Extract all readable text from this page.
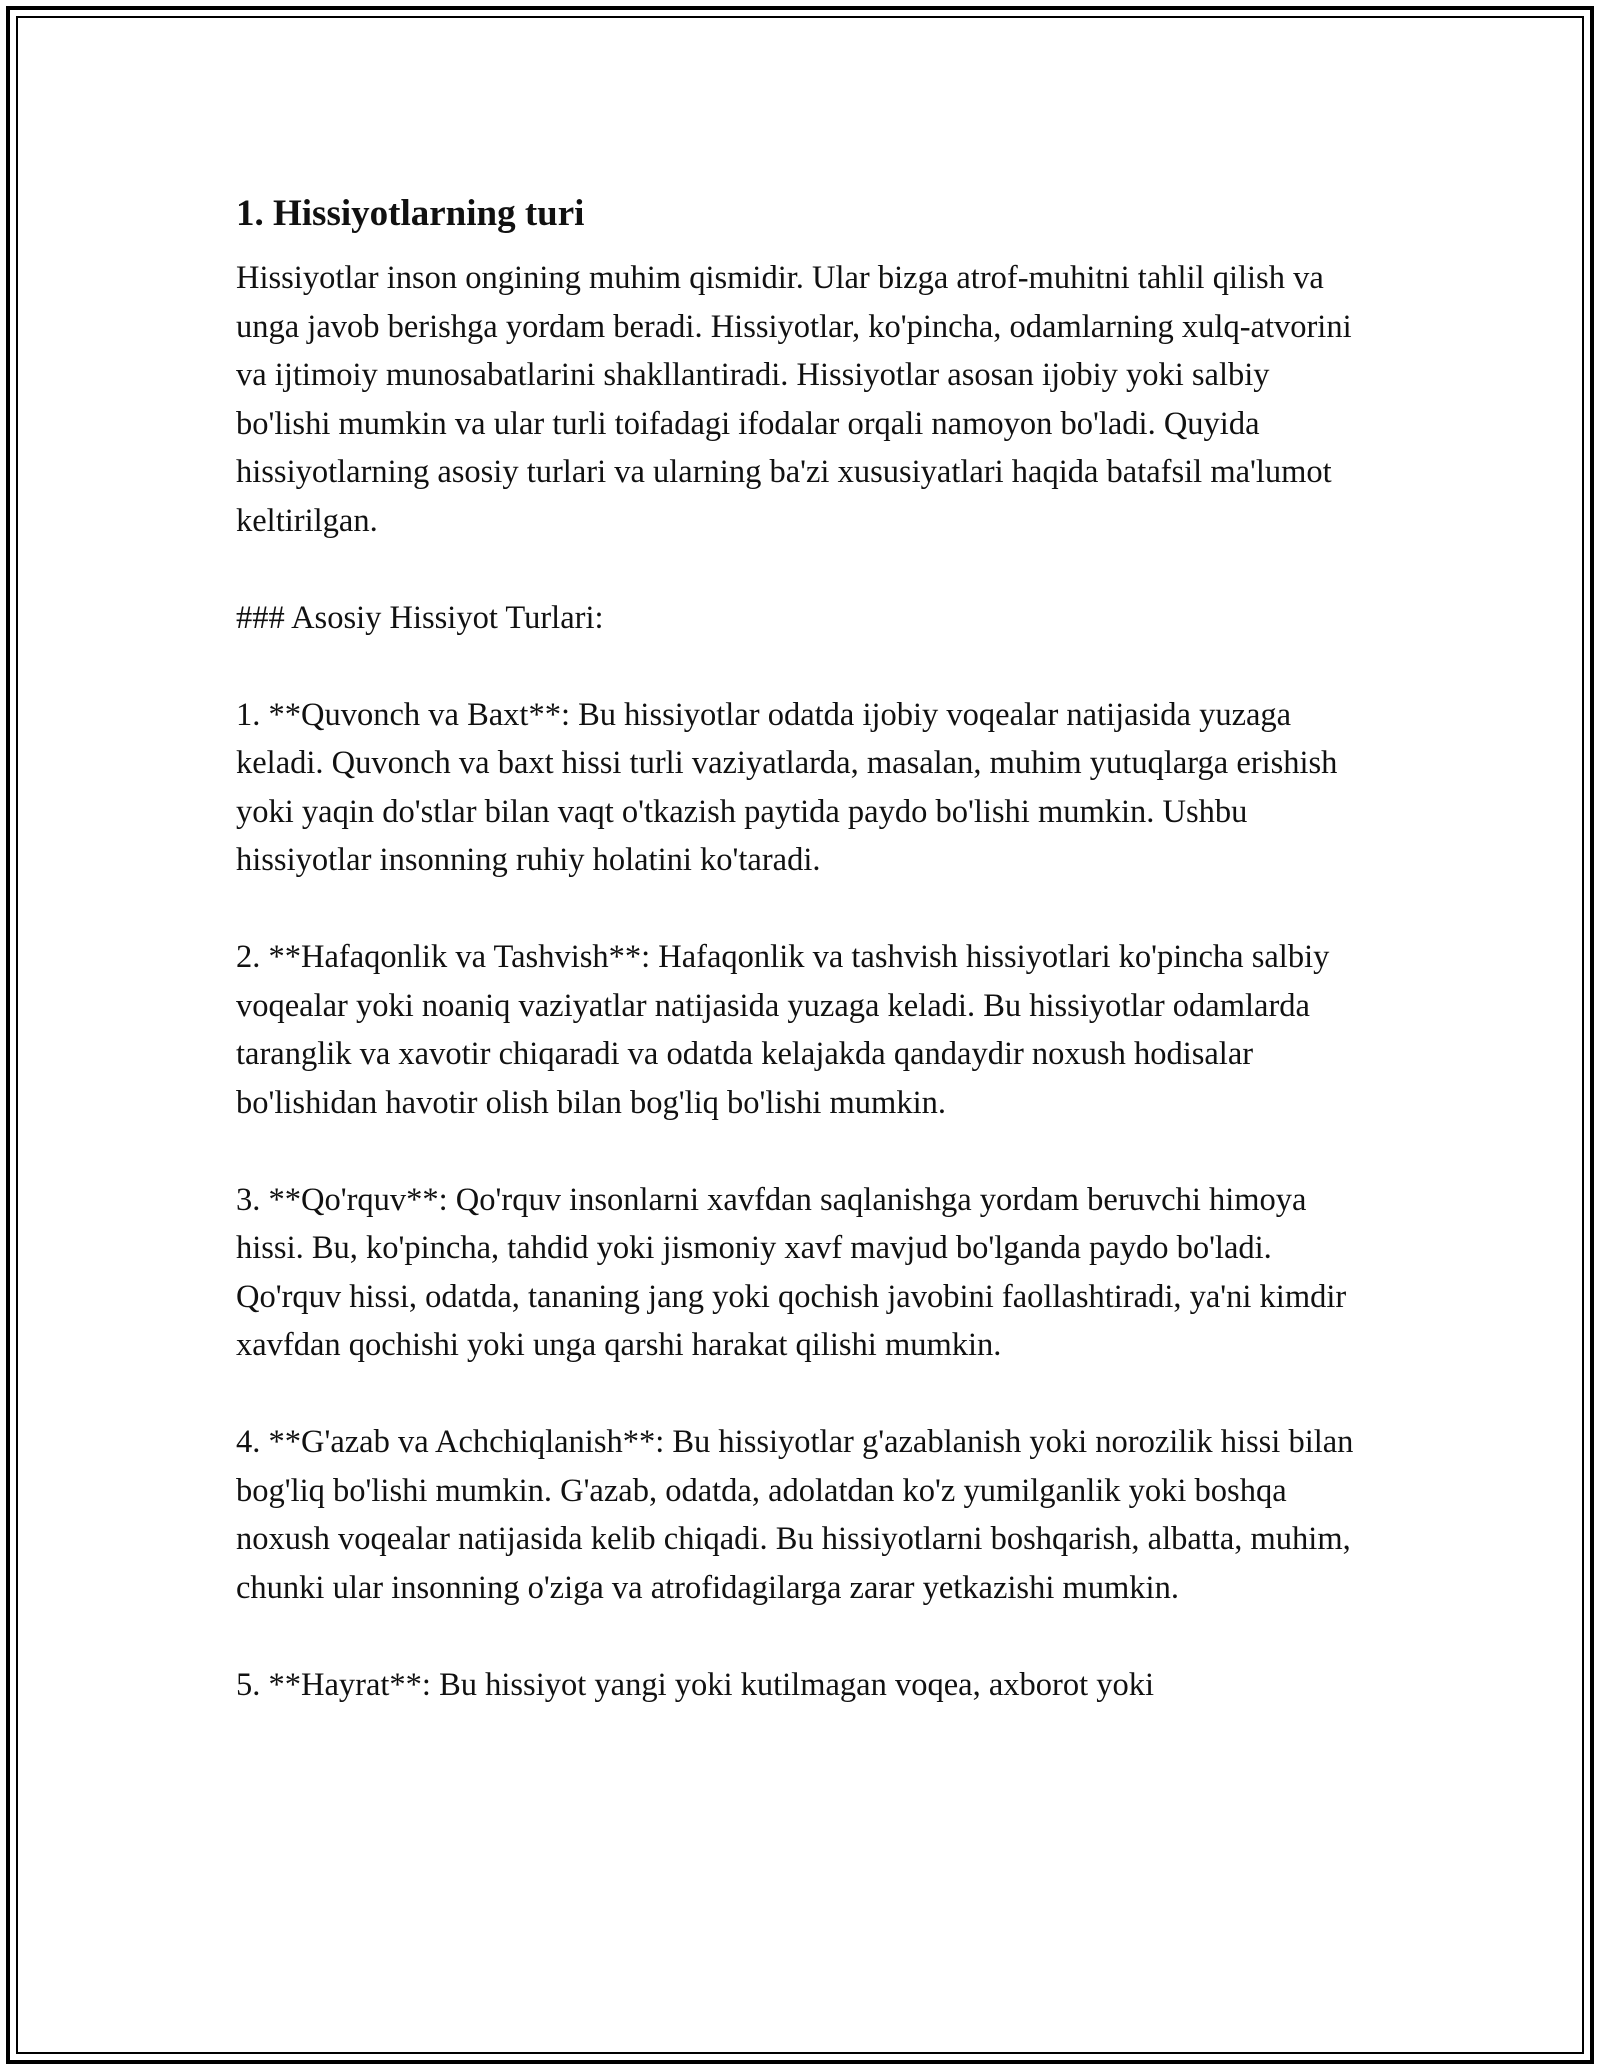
1. Hissiyotlarning turi

Hissiyotlar inson ongining muhim qismidir. Ular bizga atrof-muhitni tahlil qilish va unga javob berishga yordam beradi. Hissiyotlar, ko'pincha, odamlarning xulq-atvorini va ijtimoiy munosabatlarini shakllantiradi. Hissiyotlar asosan ijobiy yoki salbiy bo'lishi mumkin va ular turli toifadagi ifodalar orqali namoyon bo'ladi. Quyida hissiyotlarning asosiy turlari va ularning ba'zi xususiyatlari haqida batafsil ma'lumot keltirilgan.

### Asosiy Hissiyot Turlari:

1. **Quvonch va Baxt**: Bu hissiyotlar odatda ijobiy voqealar natijasida yuzaga keladi. Quvonch va baxt hissi turli vaziyatlarda, masalan, muhim yutuqlarga erishish yoki yaqin do'stlar bilan vaqt o'tkazish paytida paydo bo'lishi mumkin. Ushbu hissiyotlar insonning ruhiy holatini ko'taradi.

2. **Hafaqonlik va Tashvish**: Hafaqonlik va tashvish hissiyotlari ko'pincha salbiy voqealar yoki noaniq vaziyatlar natijasida yuzaga keladi. Bu hissiyotlar odamlarda taranglik va xavotir chiqaradi va odatda kelajakda qandaydir noxush hodisalar bo'lishidan havotir olish bilan bog'liq bo'lishi mumkin.

3. **Qo'rquv**: Qo'rquv insonlarni xavfdan saqlanishga yordam beruvchi himoya hissi. Bu, ko'pincha, tahdid yoki jismoniy xavf mavjud bo'lganda paydo bo'ladi. Qo'rquv hissi, odatda, tananing jang yoki qochish javobini faollashtiradi, ya'ni kimdir xavfdan qochishi yoki unga qarshi harakat qilishi mumkin.

4. **G'azab va Achchiqlanish**: Bu hissiyotlar g'azablanish yoki norozilik hissi bilan bog'liq bo'lishi mumkin. G'azab, odatda, adolatdan ko'z yumilganlik yoki boshqa noxush voqealar natijasida kelib chiqadi. Bu hissiyotlarni boshqarish, albatta, muhim, chunki ular insonning o'ziga va atrofidagilarga zarar yetkazishi mumkin.

5. **Hayrat**: Bu hissiyot yangi yoki kutilmagan voqea, axborot yoki
